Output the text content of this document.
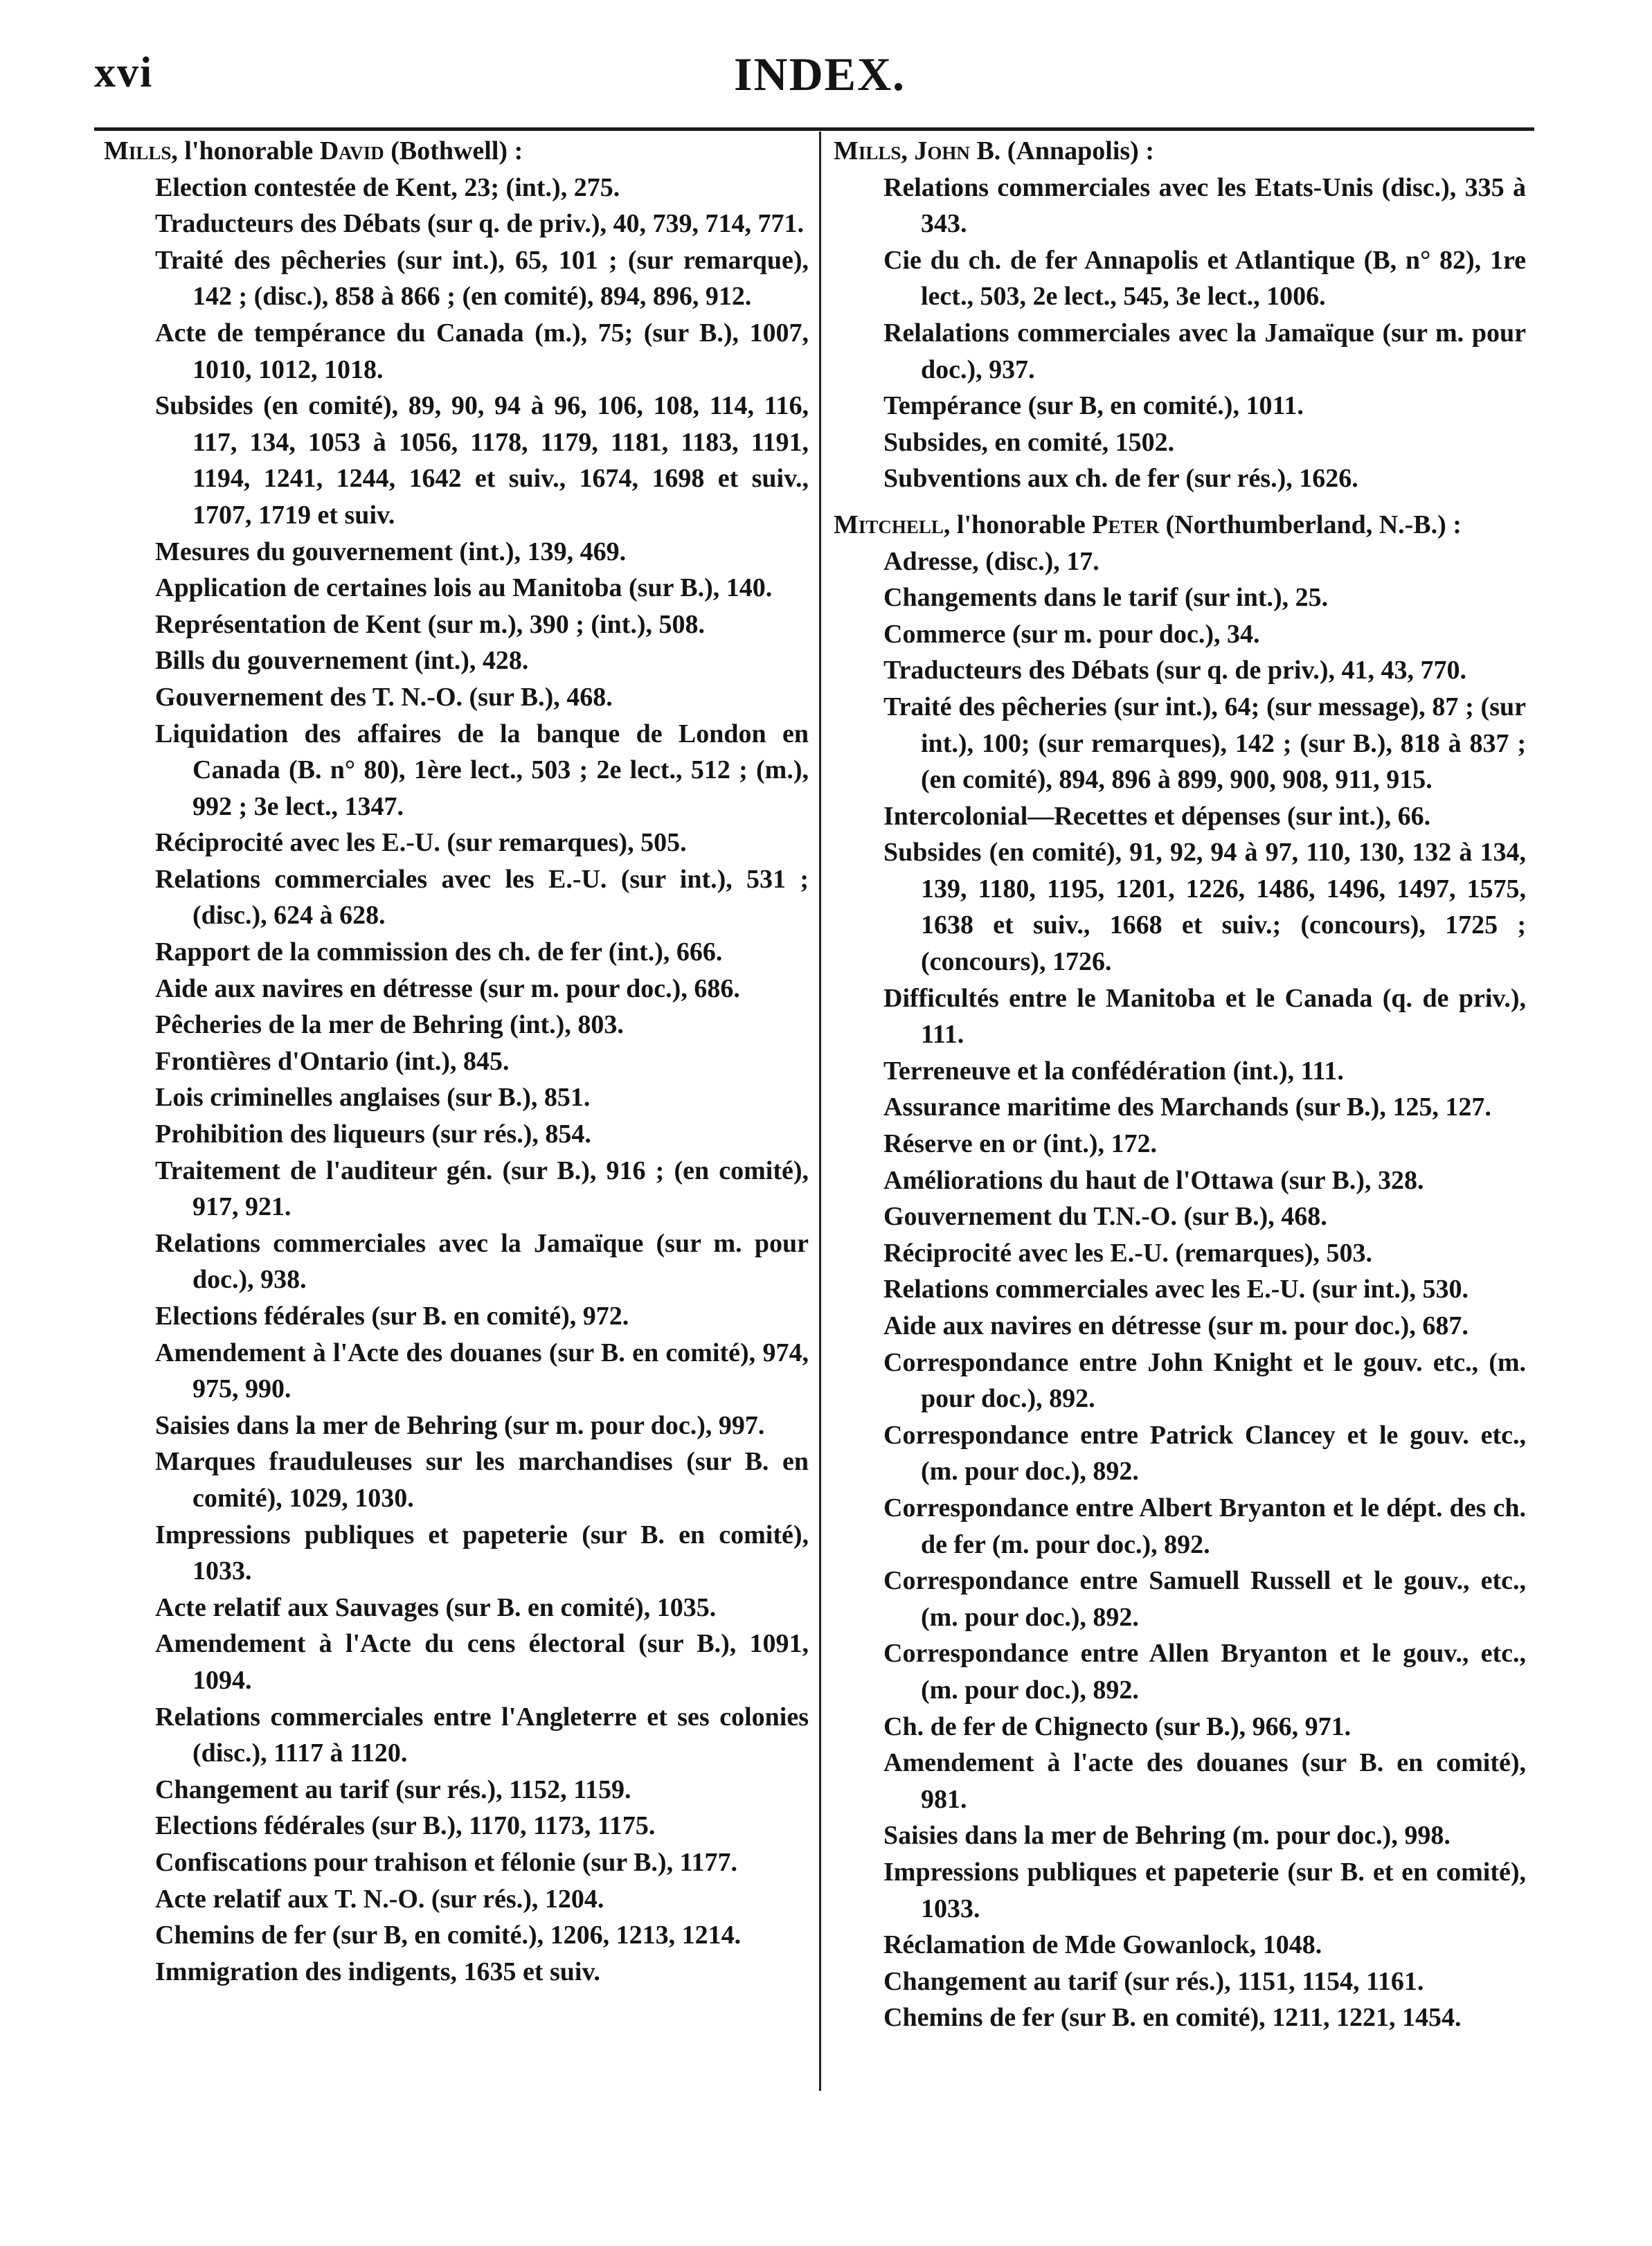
xvi	INDEX.
Mills, l'honorable David (Bothwell) :

Election contestée de Kent, 23; (int.), 275.

Traducteurs des Débats (sur q. de priv.), 40, 739, 714, 771.

Traité des pêcheries (sur int.), 65, 101 ; (sur remarque), 142 ; (disc.), 858 à 866 ; (en comité), 894, 896, 912.

Acte de tempérance du Canada (m.), 75; (sur B.), 1007, 1010, 1012, 1018.

Subsides (en comité), 89, 90, 94 à 96, 106, 108, 114, 116, 117, 134, 1053 à 1056, 1178, 1179, 1181, 1183, 1191, 1194, 1241, 1244, 1642 et suiv., 1674, 1698 et suiv., 1707, 1719 et suiv.

Mesures du gouvernement (int.), 139, 469.

Application de certaines lois au Manitoba (sur B.), 140.

Représentation de Kent (sur m.), 390 ; (int.), 508.

Bills du gouvernement (int.), 428.

Gouvernement des T. N.-O. (sur B.), 468.

Liquidation des affaires de la banque de London en Canada (B. n° 80), 1ère lect., 503 ; 2e lect., 512 ; (m.), 992 ; 3e lect., 1347.

Réciprocité avec les E.-U. (sur remarques), 505.

Relations commerciales avec les E.-U. (sur int.), 531 ; (disc.), 624 à 628.

Rapport de la commission des ch. de fer (int.), 666.

Aide aux navires en détresse (sur m. pour doc.), 686.

Pêcheries de la mer de Behring (int.), 803.

Frontières d'Ontario (int.), 845.

Lois criminelles anglaises (sur B.), 851.

Prohibition des liqueurs (sur rés.), 854.

Traitement de l'auditeur gén. (sur B.), 916 ; (en comité), 917, 921.

Relations commerciales avec la Jamaïque (sur m. pour doc.), 938.

Elections fédérales (sur B. en comité), 972.

Amendement à l'Acte des douanes (sur B. en comité), 974, 975, 990.

Saisies dans la mer de Behring (sur m. pour doc.), 997.

Marques frauduleuses sur les marchandises (sur B. en comité), 1029, 1030.

Impressions publiques et papeterie (sur B. en comité), 1033.

Acte relatif aux Sauvages (sur B. en comité), 1035.

Amendement à l'Acte du cens électoral (sur B.), 1091, 1094.

Relations commerciales entre l'Angleterre et ses colonies (disc.), 1117 à 1120.

Changement au tarif (sur rés.), 1152, 1159.

Elections fédérales (sur B.), 1170, 1173, 1175.

Confiscations pour trahison et félonie (sur B.), 1177.

Acte relatif aux T. N.-O. (sur rés.), 1204.

Chemins de fer (sur B, en comité.), 1206, 1213, 1214.

Immigration des indigents, 1635 et suiv.

Mills, John B. (Annapolis) :

Relations commerciales avec les Etats-Unis (disc.), 335 à 343.

Cie du ch. de fer Annapolis et Atlantique (B, n° 82), 1re lect., 503, 2e lect., 545, 3e lect., 1006.

Relalations commerciales avec la Jamaïque (sur m. pour doc.), 937.

Tempérance (sur B, en comité.), 1011.

Subsides, en comité, 1502.

Subventions aux ch. de fer (sur rés.), 1626.

Mitchell, l'honorable Peter (Northumberland, N.-B.) :

Adresse, (disc.), 17.

Changements dans le tarif (sur int.), 25.

Commerce (sur m. pour doc.), 34.

Traducteurs des Débats (sur q. de priv.), 41, 43, 770.

Traité des pêcheries (sur int.), 64; (sur message), 87 ; (sur int.), 100; (sur remarques), 142 ; (sur B.), 818 à 837 ; (en comité), 894, 896 à 899, 900, 908, 911, 915.

Intercolonial—Recettes et dépenses (sur int.), 66.

Subsides (en comité), 91, 92, 94 à 97, 110, 130, 132 à 134, 139, 1180, 1195, 1201, 1226, 1486, 1496, 1497, 1575, 1638 et suiv., 1668 et suiv.; (concours), 1725 ; (concours), 1726.

Difficultés entre le Manitoba et le Canada (q. de priv.), 111.

Terreneuve et la confédération (int.), 111.

Assurance maritime des Marchands (sur B.), 125, 127.

Réserve en or (int.), 172.

Améliorations du haut de l'Ottawa (sur B.), 328.

Gouvernement du T.N.-O. (sur B.), 468.

Réciprocité avec les E.-U. (remarques), 503.

Relations commerciales avec les E.-U. (sur int.), 530.

Aide aux navires en détresse (sur m. pour doc.), 687.

Correspondance entre John Knight et le gouv. etc., (m. pour doc.), 892.

Correspondance entre Patrick Clancey et le gouv. etc., (m. pour doc.), 892.

Correspondance entre Albert Bryanton et le dépt. des ch. de fer (m. pour doc.), 892.

Correspondance entre Samuell Russell et le gouv., etc., (m. pour doc.), 892.

Correspondance entre Allen Bryanton et le gouv., etc., (m. pour doc.), 892.

Ch. de fer de Chignecto (sur B.), 966, 971.

Amendement à l'acte des douanes (sur B. en comité), 981.

Saisies dans la mer de Behring (m. pour doc.), 998.

Impressions publiques et papeterie (sur B. et en comité), 1033.

Réclamation de Mde Gowanlock, 1048.

Changement au tarif (sur rés.), 1151, 1154, 1161.

Chemins de fer (sur B. en comité), 1211, 1221, 1454.
